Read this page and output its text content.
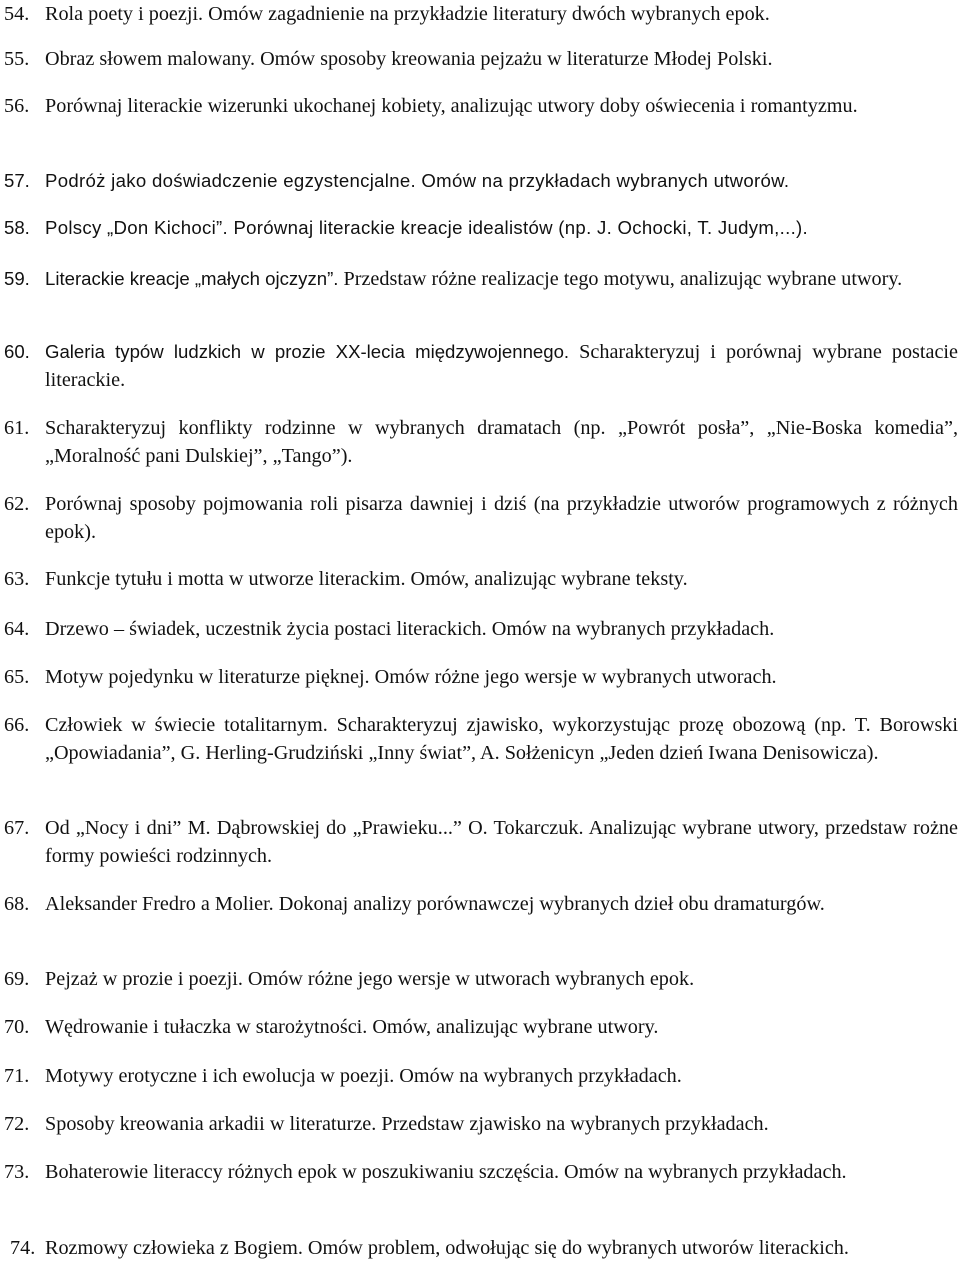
54. Rola poety i poezji. Omów zagadnienie na przykładzie literatury dwóch wybranych epok.
55. Obraz słowem malowany. Omów sposoby kreowania pejzażu w literaturze Młodej Polski.
56. Porównaj literackie wizerunki ukochanej kobiety, analizując utwory doby oświecenia i romantyzmu.
57. Podróż jako doświadczenie egzystencjalne. Omów na przykładach wybranych utworów.
58. Polscy „Don Kichoci”. Porównaj literackie kreacje idealistów (np. J. Ochocki, T. Judym,...).
59. Literackie kreacje „małych ojczyzn”. Przedstaw różne realizacje tego motywu, analizując wybrane utwory.
60. Galeria typów ludzkich w prozie XX-lecia międzywojennego. Scharakteryzuj i porównaj wybrane postacie literackie.
61. Scharakteryzuj konflikty rodzinne w wybranych dramatach (np. „Powrót posła”, „Nie-Boska komedia”, „Moralność pani Dulskiej”, „Tango”).
62. Porównaj sposoby pojmowania roli pisarza dawniej i dziś (na przykładzie utworów programowych z różnych epok).
63. Funkcje tytułu i motta w utworze literackim. Omów, analizując wybrane teksty.
64. Drzewo – świadek, uczestnik życia postaci literackich. Omów na wybranych przykładach.
65. Motyw pojedynku w literaturze pięknej. Omów różne jego wersje w wybranych utworach.
66. Człowiek w świecie totalitarnym. Scharakteryzuj zjawisko, wykorzystując prozę obozową (np. T. Borowski „Opowiadania”, G. Herling-Grudziński „Inny świat”, A. Sołżenicyn „Jeden dzień Iwana Denisowicza).
67. Od „Nocy i dni” M. Dąbrowskiej do „Prawieku...” O. Tokarczuk. Analizując wybrane utwory, przedstaw rożne formy powieści rodzinnych.
68. Aleksander Fredro a Molier. Dokonaj analizy porównawczej wybranych dzieł obu dramaturgów.
69. Pejzaż w prozie i poezji. Omów różne jego wersje w utworach wybranych epok.
70. Wędrowanie i tułaczka w starożytności. Omów, analizując wybrane utwory.
71. Motywy erotyczne i ich ewolucja w poezji. Omów na wybranych przykładach.
72. Sposoby kreowania arkadii w literaturze. Przedstaw zjawisko na wybranych przykładach.
73. Bohaterowie literaccy różnych epok w poszukiwaniu szczęścia. Omów na wybranych przykładach.
74. Rozmowy człowieka z Bogiem. Omów problem, odwołując się do wybranych utworów literackich.
